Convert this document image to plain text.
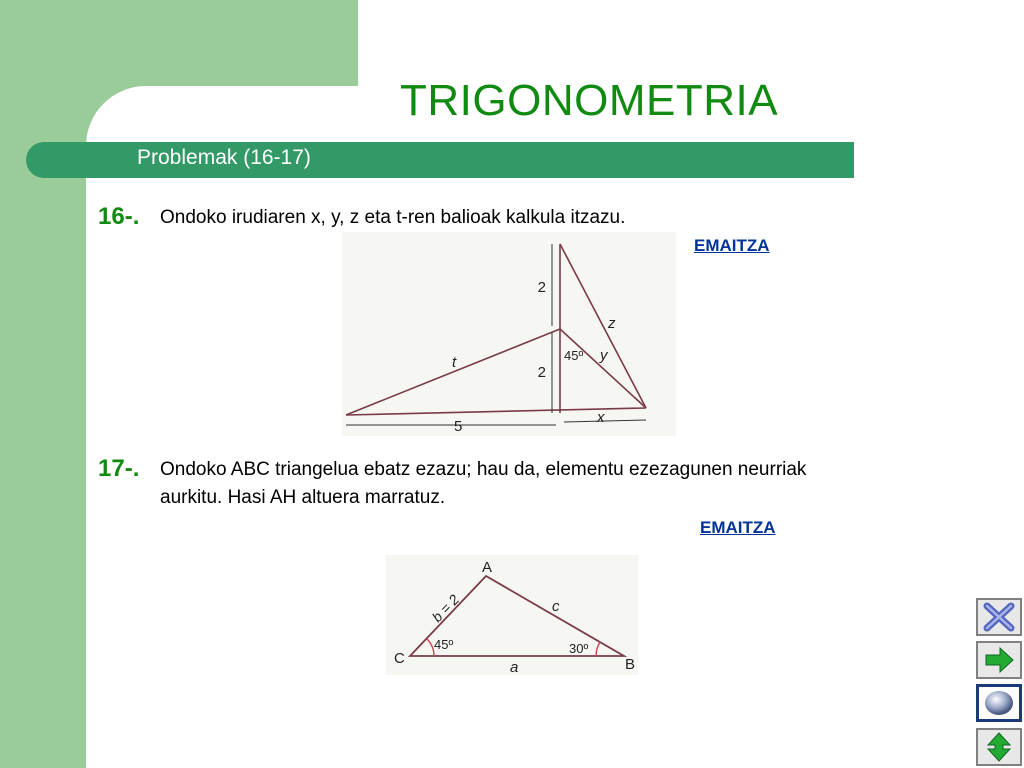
TRIGONOMETRIA
Problemak (16-17)
16-. Ondoko irudiaren x, y, z eta t-ren balioak kalkula itzazu.
EMAITZA
2
z
45º y
t
2
5
x
17-. Ondoko ABC triangelua ebatz ezazu; hau da, elementu ezezagunen neurriak
aurkitu. Hasi AH altuera marratuz.
EMAITZA
A
b = 2	c
45º	30º
C
a	B
